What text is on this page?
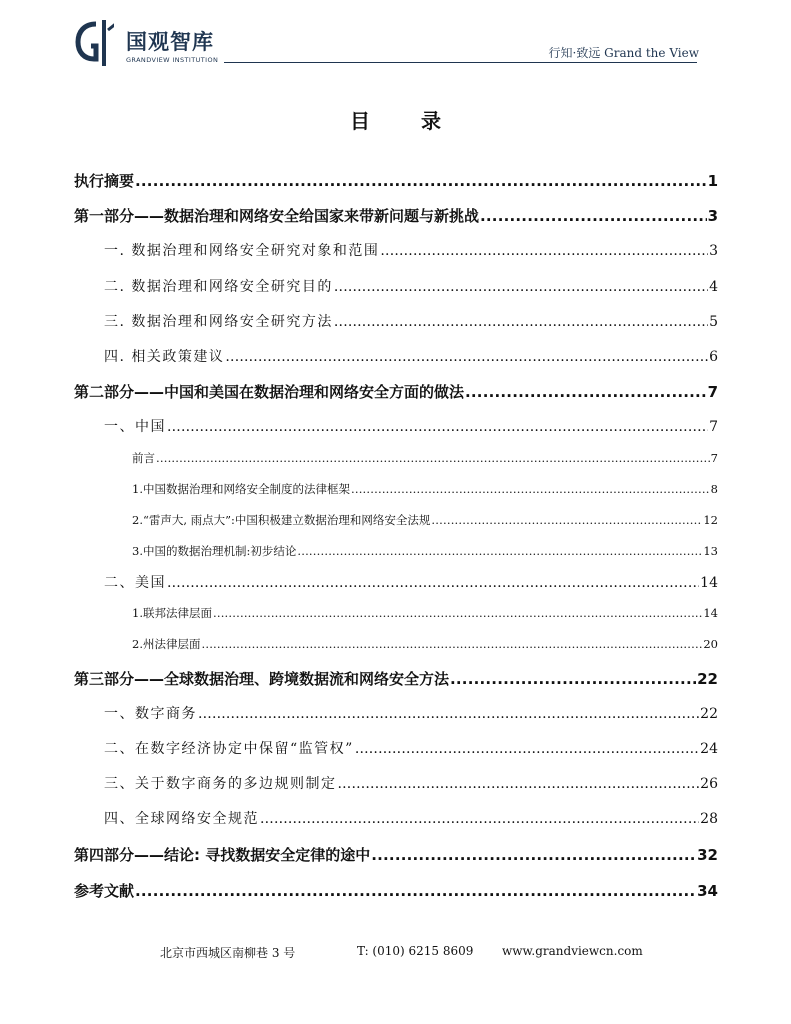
国观智库
GRANDVIEW INSTITUTION	行知·致远 Grand the View
目 录
执行摘要 .....	1
第一部分——数据治理和网络安全给国家来带新问题与新挑战 .....	3
一. 数据治理和网络安全研究对象和范围 .....	3
二. 数据治理和网络安全研究目的 .....	4
三. 数据治理和网络安全研究方法 .....	5
四. 相关政策建议 .....	6
第二部分——中国和美国在数据治理和网络安全方面的做法 .....	7
一、中国 .....	7
前言 .....	7
1.中国数据治理和网络安全制度的法律框架 .....	8
2.“雷声大, 雨点大”:中国积极建立数据治理和网络安全法规 .....	12
3.中国的数据治理机制:初步结论 .....	13
二、美国 .....	14
1.联邦法律层面 .....	14
2.州法律层面 .....	20
第三部分——全球数据治理、跨境数据流和网络安全方法 .....	22
一、数字商务 .....	22
二、在数字经济协定中保留“监管权” .....	24
三、关于数字商务的多边规则制定 .....	26
四、全球网络安全规范 .....	28
第四部分——结论: 寻找数据安全定律的途中 .....	32
参考文献 .....	34
北京市西城区南柳巷 3 号	T: (010) 6215 8609 www.grandviewcn.com
